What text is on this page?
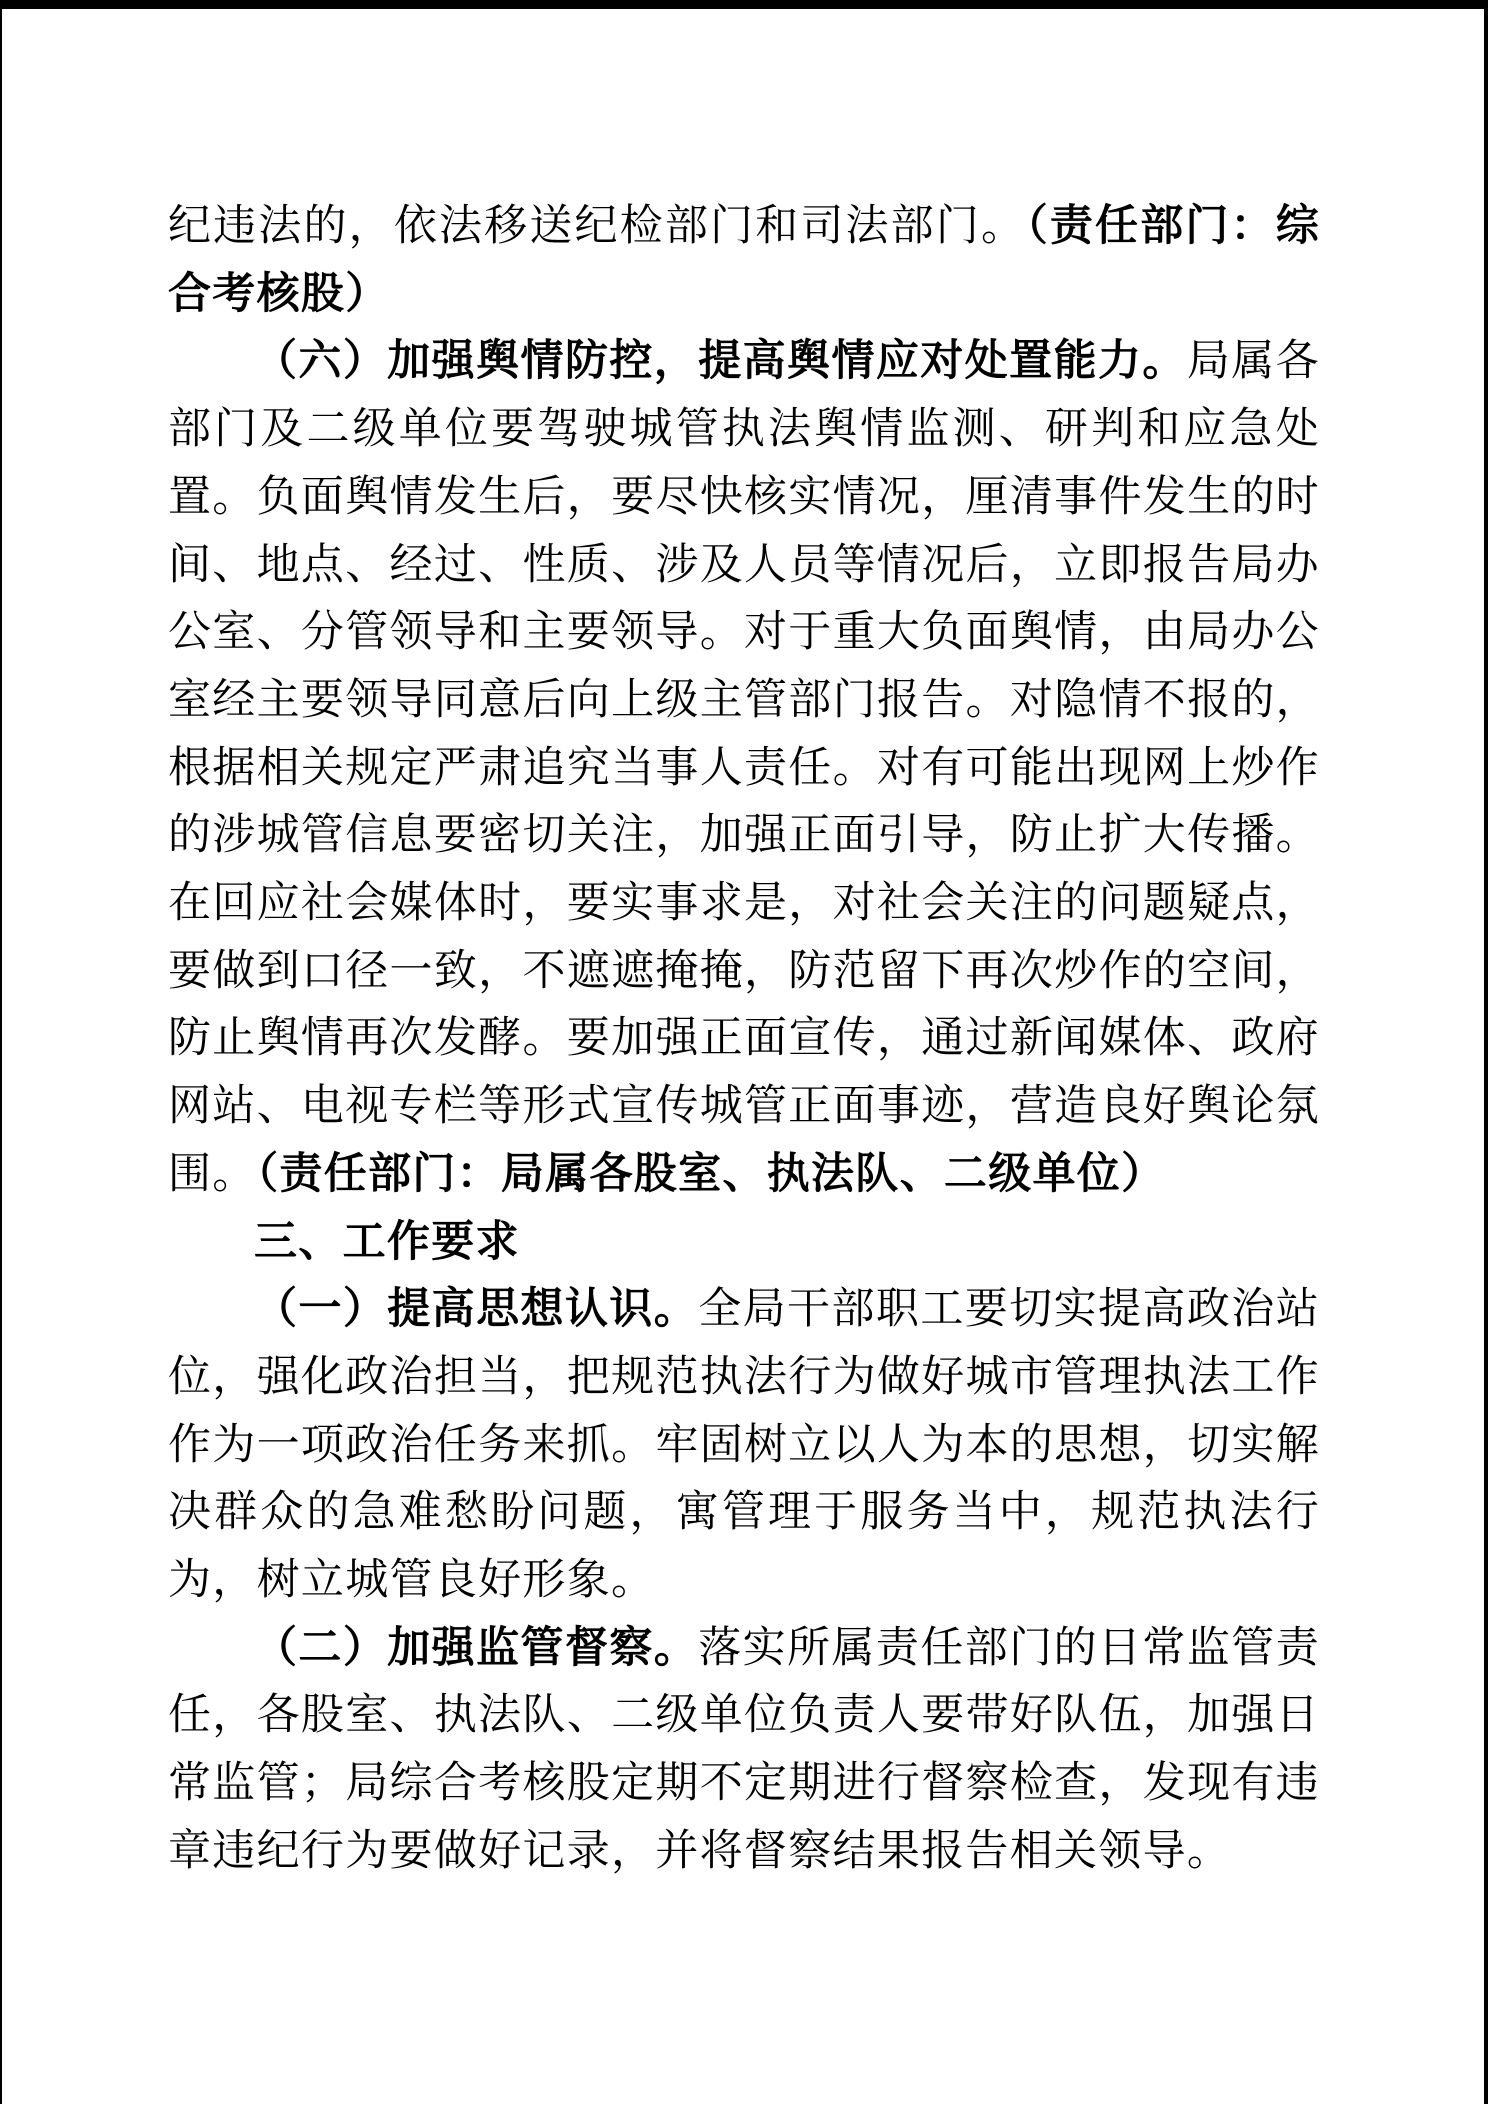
纪违法的，依法移送纪检部门和司法部门。（责任部门：综合考核股）

（六）加强舆情防控，提高舆情应对处置能力。局属各部门及二级单位要驾驶城管执法舆情监测、研判和应急处置。负面舆情发生后，要尽快核实情况，厘清事件发生的时间、地点、经过、性质、涉及人员等情况后，立即报告局办公室、分管领导和主要领导。对于重大负面舆情，由局办公室经主要领导同意后向上级主管部门报告。对隐情不报的，根据相关规定严肃追究当事人责任。对有可能出现网上炒作的涉城管信息要密切关注，加强正面引导，防止扩大传播。在回应社会媒体时，要实事求是，对社会关注的问题疑点，要做到口径一致，不遮遮掩掩，防范留下再次炒作的空间，防止舆情再次发酵。要加强正面宣传，通过新闻媒体、政府网站、电视专栏等形式宣传城管正面事迹，营造良好舆论氛围。（责任部门：局属各股室、执法队、二级单位）

三、工作要求

（一）提高思想认识。全局干部职工要切实提高政治站位，强化政治担当，把规范执法行为做好城市管理执法工作作为一项政治任务来抓。牢固树立以人为本的思想，切实解决群众的急难愁盼问题，寓管理于服务当中，规范执法行为，树立城管良好形象。

（二）加强监管督察。落实所属责任部门的日常监管责任，各股室、执法队、二级单位负责人要带好队伍，加强日常监管；局综合考核股定期不定期进行督察检查，发现有违章违纪行为要做好记录，并将督察结果报告相关领导。
